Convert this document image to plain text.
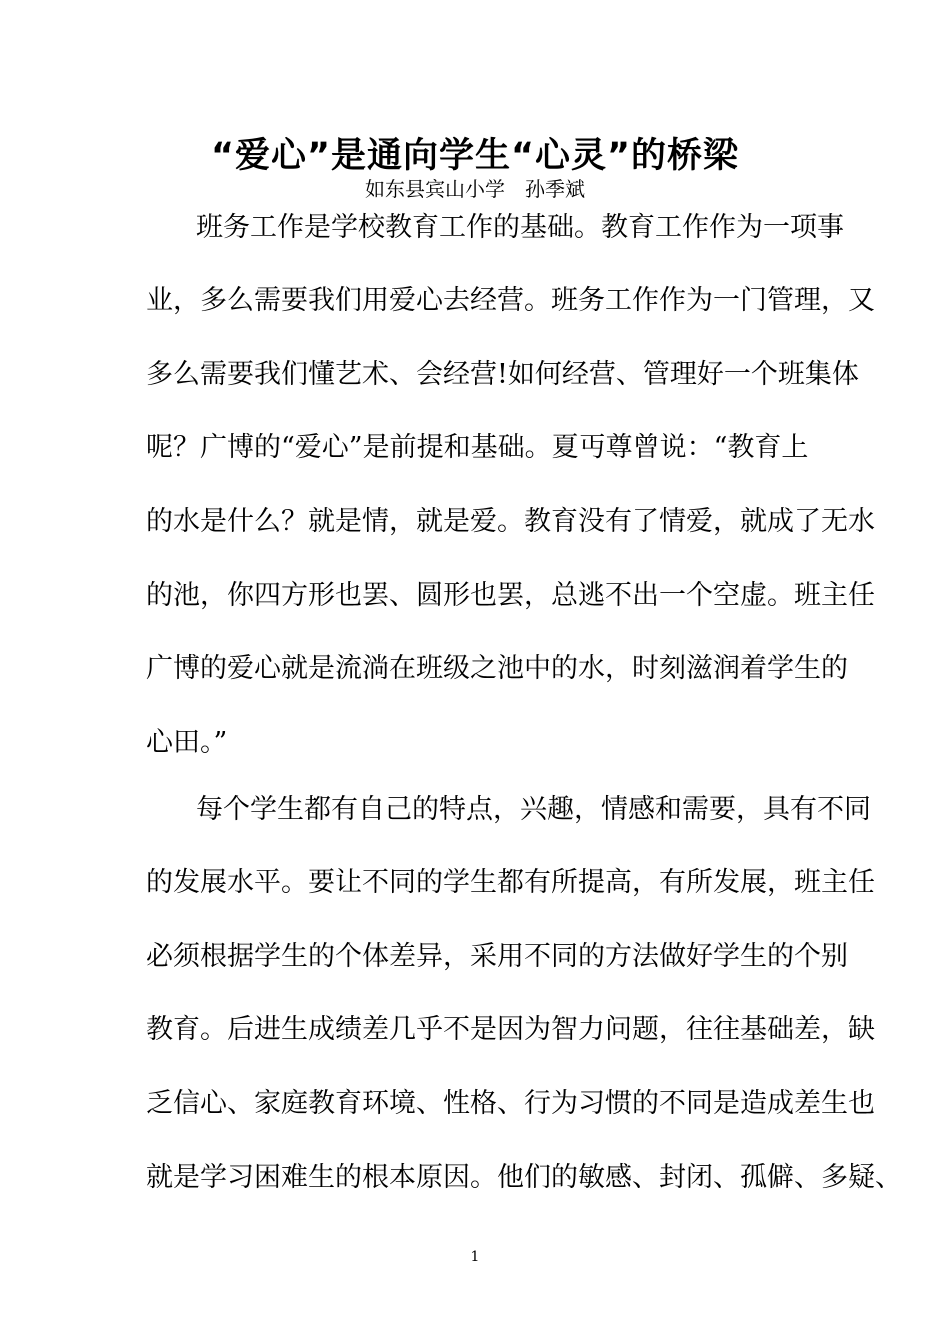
“爱心”是通向学生“心灵”的桥梁
如东县宾山小学　孙季斌
班务工作是学校教育工作的基础。教育工作作为一项事
业，多么需要我们用爱心去经营。班务工作作为一门管理，又
多么需要我们懂艺术、会经营!如何经营、管理好一个班集体
呢？广博的“爱心”是前提和基础。夏丏尊曾说：“教育上
的水是什么？就是情，就是爱。教育没有了情爱，就成了无水
的池，你四方形也罢、圆形也罢，总逃不出一个空虚。班主任
广博的爱心就是流淌在班级之池中的水，时刻滋润着学生的
心田。”
每个学生都有自己的特点，兴趣，情感和需要，具有不同
的发展水平。要让不同的学生都有所提高，有所发展，班主任
必须根据学生的个体差异，采用不同的方法做好学生的个别
教育。后进生成绩差几乎不是因为智力问题，往往基础差，缺
乏信心、家庭教育环境、性格、行为习惯的不同是造成差生也
就是学习困难生的根本原因。他们的敏感、封闭、孤僻、多疑、
1
